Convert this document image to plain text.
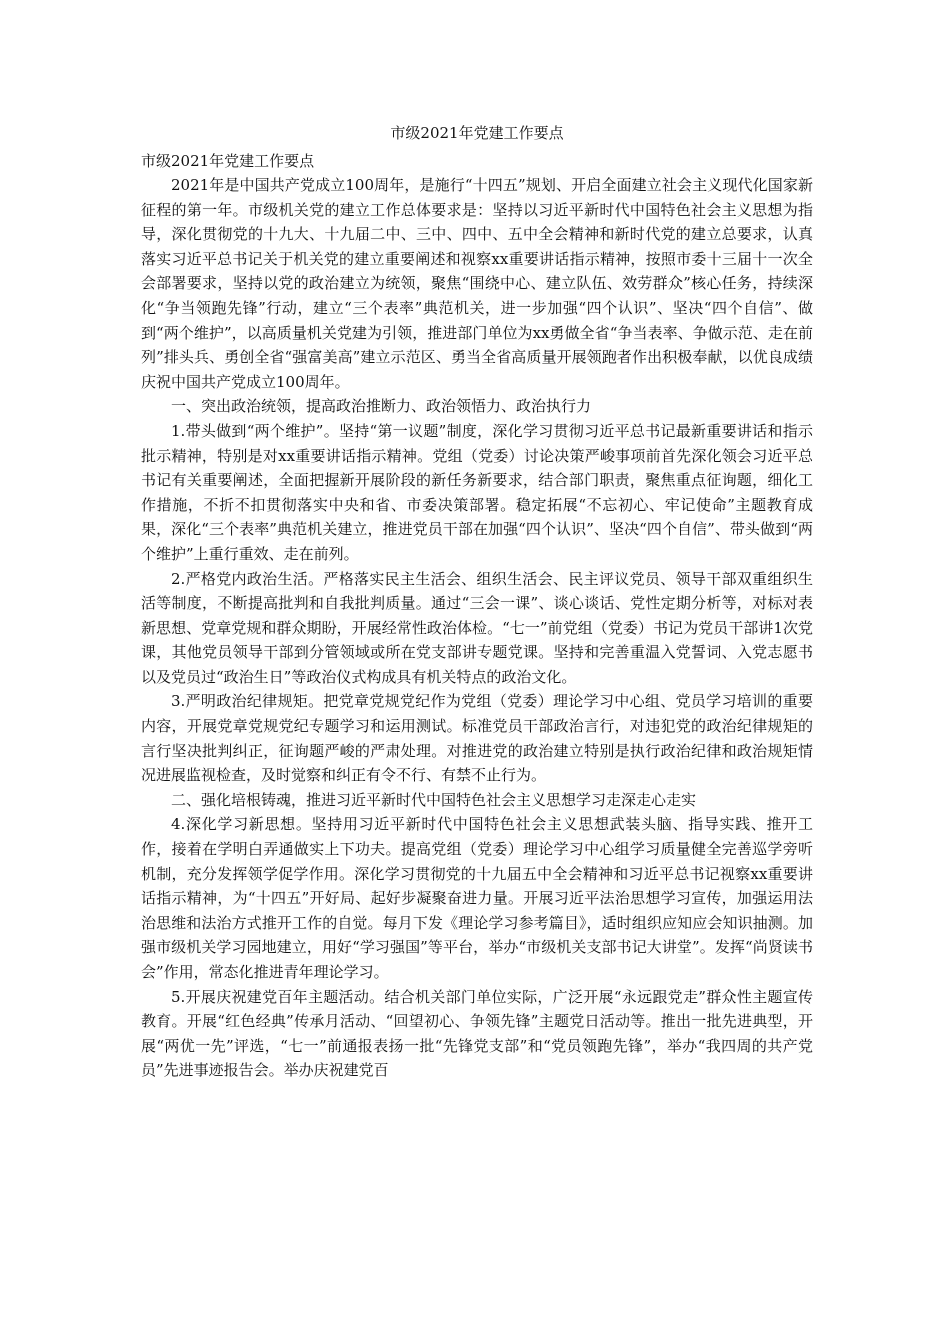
市级2021年党建工作要点
市级2021年党建工作要点

2021年是中国共产党成立100周年，是施行“十四五”规划、开启全面建立社会主义现代化国家新征程的第一年。市级机关党的建立工作总体要求是：坚持以习近平新时代中国特色社会主义思想为指导，深化贯彻党的十九大、十九届二中、三中、四中、五中全会精神和新时代党的建立总要求，认真落实习近平总书记关于机关党的建立重要阐述和视察xx重要讲话指示精神，按照市委十三届十一次全会部署要求，坚持以党的政治建立为统领，聚焦“围绕中心、建立队伍、效劳群众”核心任务，持续深化“争当领跑先锋”行动，建立“三个表率”典范机关，进一步加强“四个认识”、坚决“四个自信”、做到“两个维护”，以高质量机关党建为引领，推进部门单位为xx勇做全省“争当表率、争做示范、走在前列”排头兵、勇创全省“强富美高”建立示范区、勇当全省高质量开展领跑者作出积极奉献，以优良成绩庆祝中国共产党成立100周年。

一、突出政治统领，提高政治推断力、政治领悟力、政治执行力

1.带头做到“两个维护”。坚持“第一议题”制度，深化学习贯彻习近平总书记最新重要讲话和指示批示精神，特别是对xx重要讲话指示精神。党组（党委）讨论决策严峻事项前首先深化领会习近平总书记有关重要阐述，全面把握新开展阶段的新任务新要求，结合部门职责，聚焦重点征询题，细化工作措施，不折不扣贯彻落实中央和省、市委决策部署。稳定拓展“不忘初心、牢记使命”主题教育成果，深化“三个表率”典范机关建立，推进党员干部在加强“四个认识”、坚决“四个自信”、带头做到“两个维护”上重行重效、走在前列。

2.严格党内政治生活。严格落实民主生活会、组织生活会、民主评议党员、领导干部双重组织生活等制度，不断提高批判和自我批判质量。通过“三会一课”、谈心谈话、党性定期分析等，对标对表新思想、党章党规和群众期盼，开展经常性政治体检。“七一”前党组（党委）书记为党员干部讲1次党课，其他党员领导干部到分管领域或所在党支部讲专题党课。坚持和完善重温入党誓词、入党志愿书以及党员过“政治生日”等政治仪式构成具有机关特点的政治文化。

3.严明政治纪律规矩。把党章党规党纪作为党组（党委）理论学习中心组、党员学习培训的重要内容，开展党章党规党纪专题学习和运用测试。标准党员干部政治言行，对违犯党的政治纪律规矩的言行坚决批判纠正，征询题严峻的严肃处理。对推进党的政治建立特别是执行政治纪律和政治规矩情况进展监视检查，及时觉察和纠正有令不行、有禁不止行为。

二、强化培根铸魂，推进习近平新时代中国特色社会主义思想学习走深走心走实

4.深化学习新思想。坚持用习近平新时代中国特色社会主义思想武装头脑、指导实践、推开工作，接着在学明白弄通做实上下功夫。提高党组（党委）理论学习中心组学习质量健全完善巡学旁听机制，充分发挥领学促学作用。深化学习贯彻党的十九届五中全会精神和习近平总书记视察xx重要讲话指示精神，为“十四五”开好局、起好步凝聚奋进力量。开展习近平法治思想学习宣传，加强运用法治思维和法治方式推开工作的自觉。每月下发《理论学习参考篇目》，适时组织应知应会知识抽测。加强市级机关学习园地建立，用好“学习强国”等平台，举办“市级机关支部书记大讲堂”。发挥“尚贤读书会”作用，常态化推进青年理论学习。

5.开展庆祝建党百年主题活动。结合机关部门单位实际，广泛开展“永远跟党走”群众性主题宣传教育。开展“红色经典”传承月活动、“回望初心、争领先锋”主题党日活动等。推出一批先进典型，开展“两优一先”评选，“七一”前通报表扬一批“先锋党支部”和“党员领跑先锋”，举办“我四周的共产党员”先进事迹报告会。举办庆祝建党百
